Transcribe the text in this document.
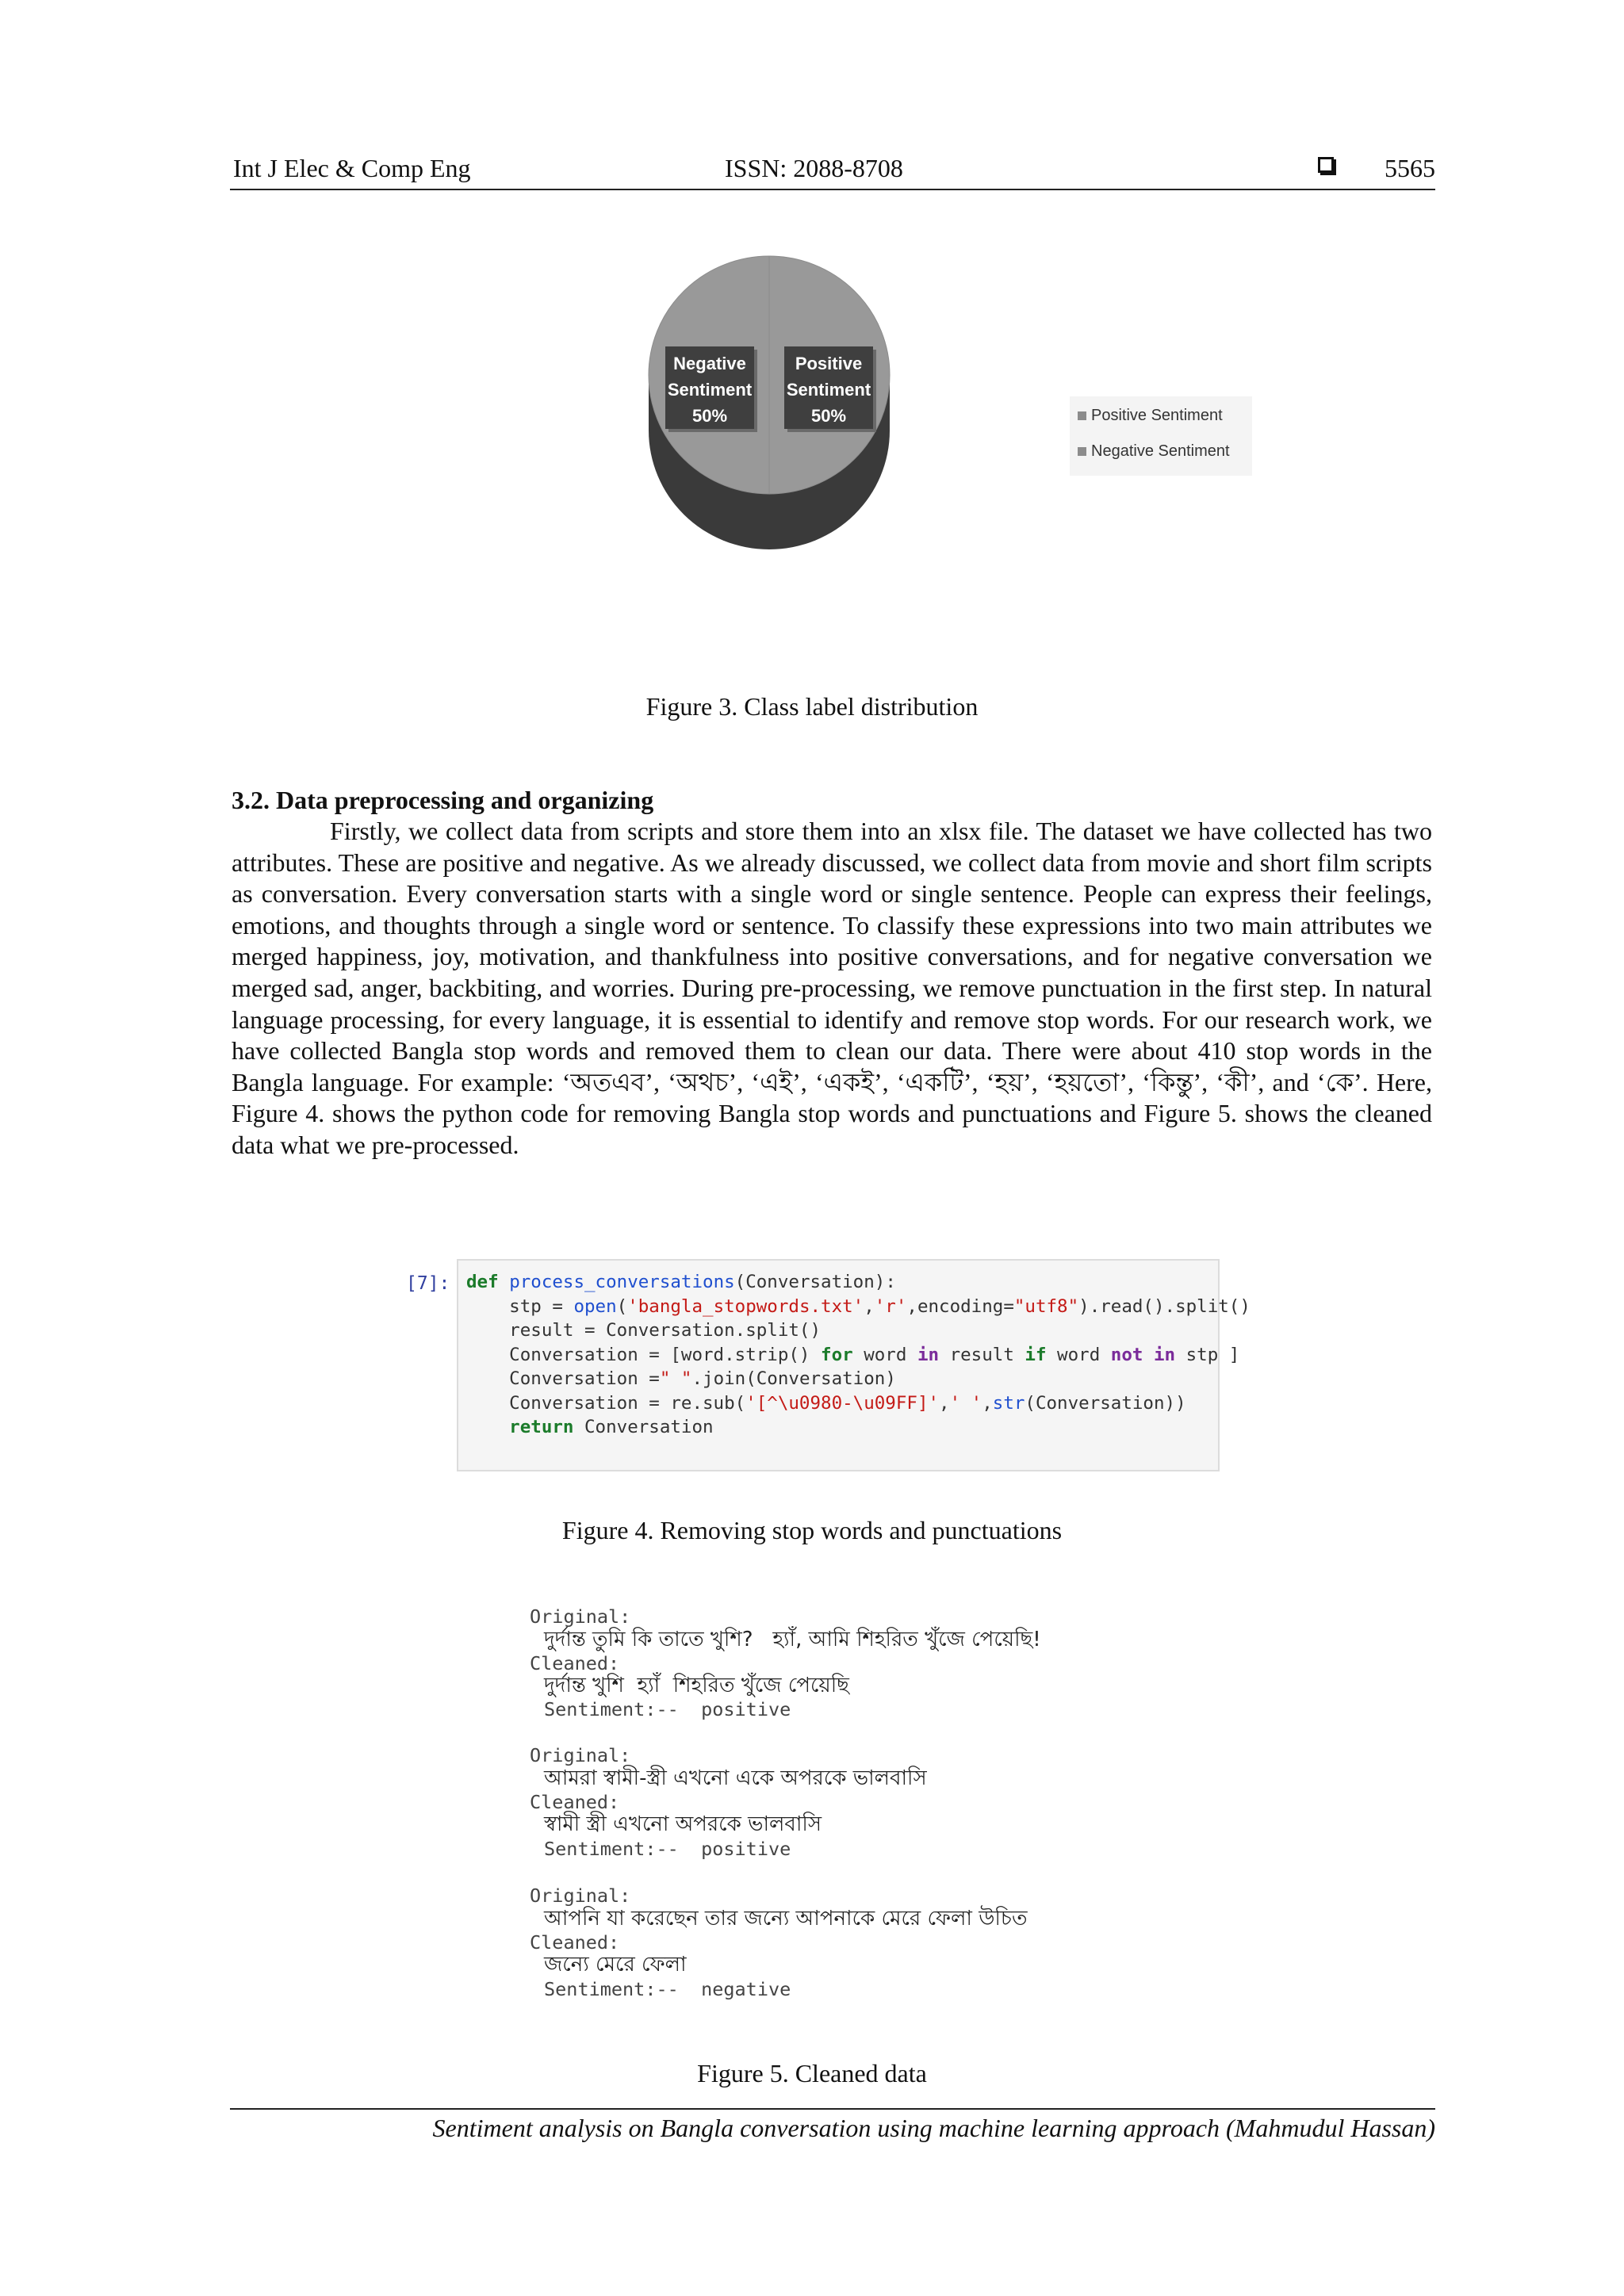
Int J Elec & Comp Eng	ISSN: 2088-8708	5565
Positive
Sentiment
50%
Negative
Sentiment
50%	Positive Sentiment
Negative Sentiment
Figure 3. Class label distribution
3.2. Data preprocessing and organizing

Firstly, we collect data from scripts and store them into an xlsx file. The dataset we have collected has two attributes. These are positive and negative. As we already discussed, we collect data from movie and short film scripts as conversation. Every conversation starts with a single word or single sentence. People can express their feelings, emotions, and thoughts through a single word or sentence. To classify these expressions into two main attributes we merged happiness, joy, motivation, and thankfulness into positive conversations, and for negative conversation we merged sad, anger, backbiting, and worries. During pre-processing, we remove punctuation in the first step. In natural language processing, for every language, it is essential to identify and remove stop words. For our research work, we have collected Bangla stop words and removed them to clean our data. There were about 410 stop words in the Bangla language. For example: ‘অতএব’, ‘অথচ’, ‘এই’, ‘একই’, ‘একটি’, ‘হয়’, ‘হয়তো’, ‘কিন্তু’, ‘কী’, and ‘কে’. Here, Figure 4. shows the python code for removing Bangla stop words and punctuations and Figure 5. shows the cleaned data what we pre-processed.

[7]: def process_conversations(Conversation):
stp = open('bangla_stopwords.txt','r',encoding="utf8").read().split()
result = Conversation.split()
Conversation = [word.strip() for word in result if word not in stp ]
Conversation =" ".join(Conversation)
Conversation = re.sub('[^\u0980-\u09FF]',' ',str(Conversation))
return Conversation
Figure 4. Removing stop words and punctuations
Original:
দুর্দান্ত তুমি কি তাতে খুশি?   হ্যাঁ, আমি শিহরিত খুঁজে পেয়েছি!
Cleaned:
দুর্দান্ত খুশি  হ্যাঁ  শিহরিত খুঁজে পেয়েছি
Sentiment:--  positive
Original:
আমরা স্বামী-স্ত্রী এখনো একে অপরকে ভালবাসি
Cleaned:
স্বামী স্ত্রী এখনো অপরকে ভালবাসি
Sentiment:--  positive
Original:
আপনি যা করেছেন তার জন্যে আপনাকে মেরে ফেলা উচিত
Cleaned:
জন্যে মেরে ফেলা
Sentiment:--  negative
Figure 5. Cleaned data
Sentiment analysis on Bangla conversation using machine learning approach (Mahmudul Hassan)
